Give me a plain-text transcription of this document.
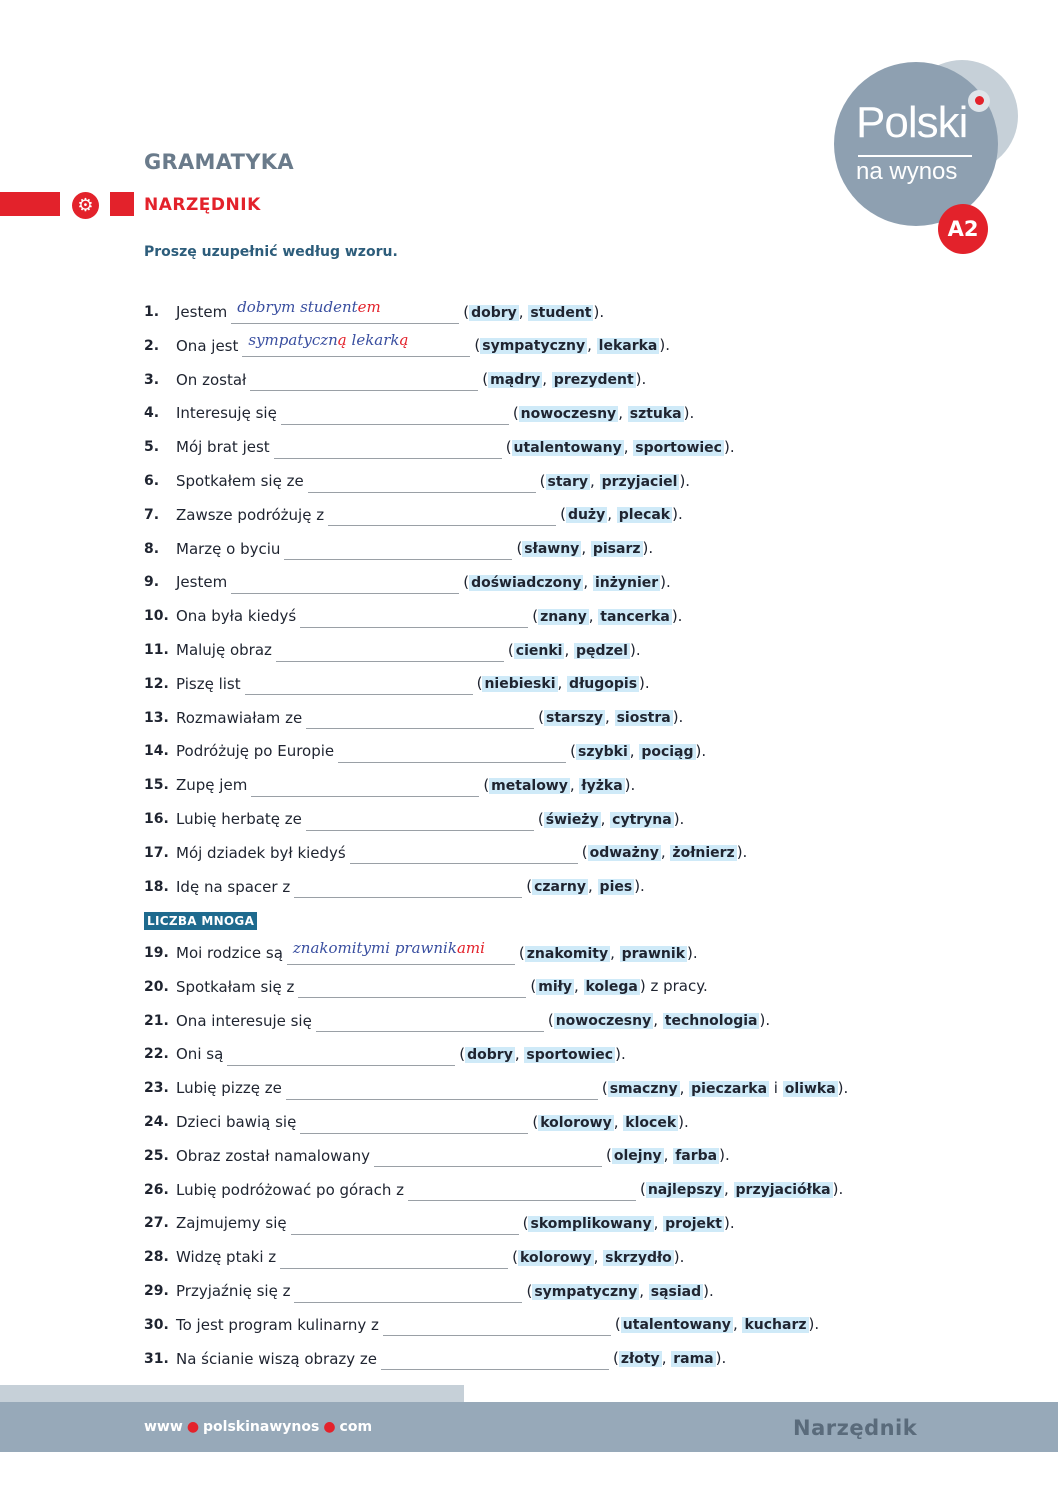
⚙
GRAMATYKA
NARZĘDNIK
Proszę uzupełnić według wzoru.
Polski
na wynos
A2
1.	Jestem dobrym studentem	( dobry , student ).
2.	Ona jest sympatyczną lekarką	( sympatyczny , lekarka ).
3.	On został	( mądry , prezydent ).
4.	Interesuję się	( nowoczesny , sztuka ).
5.	Mój brat jest	( utalentowany , sportowiec ).
6.	Spotkałem się ze	( stary , przyjaciel ).
7.	Zawsze podróżuję z	( duży , plecak ).
8.	Marzę o byciu	( sławny , pisarz ).
9.	Jestem	( doświadczony , inżynier ).
10. Ona była kiedyś	( znany , tancerka ).
11. Maluję obraz	( cienki , pędzel ).
12. Piszę list	( niebieski , długopis ).
13. Rozmawiałam ze	( starszy , siostra ).
14. Podróżuję po Europie	( szybki , pociąg ).
15. Zupę jem	( metalowy , łyżka ).
16. Lubię herbatę ze	( świeży , cytryna ).
17. Mój dziadek był kiedyś	( odważny , żołnierz ).
18. Idę na spacer z	( czarny , pies ).
19. Moi rodzice są znakomitymi prawnikami ( znakomity , prawnik ).
20. Spotkałam się z	( miły , kolega ) z pracy.
21. Ona interesuje się	( nowoczesny , technologia ).
22. Oni są	( dobry , sportowiec ).
23. Lubię pizzę ze	( smaczny , pieczarka i oliwka ).
24. Dzieci bawią się	( kolorowy , klocek ).
25. Obraz został namalowany	( olejny , farba ).
26. Lubię podróżować po górach z	( najlepszy , przyjaciółka ).
27. Zajmujemy się	( skomplikowany , projekt ).
28. Widzę ptaki z	( kolorowy , skrzydło ).
29. Przyjaźnię się z	( sympatyczny , sąsiad ).
30. To jest program kulinarny z	( utalentowany , kucharz ).
31. Na ścianie wiszą obrazy ze	( złoty , rama ).
LICZBA MNOGA
www ● polskinawynos ● com	Narzędnik
